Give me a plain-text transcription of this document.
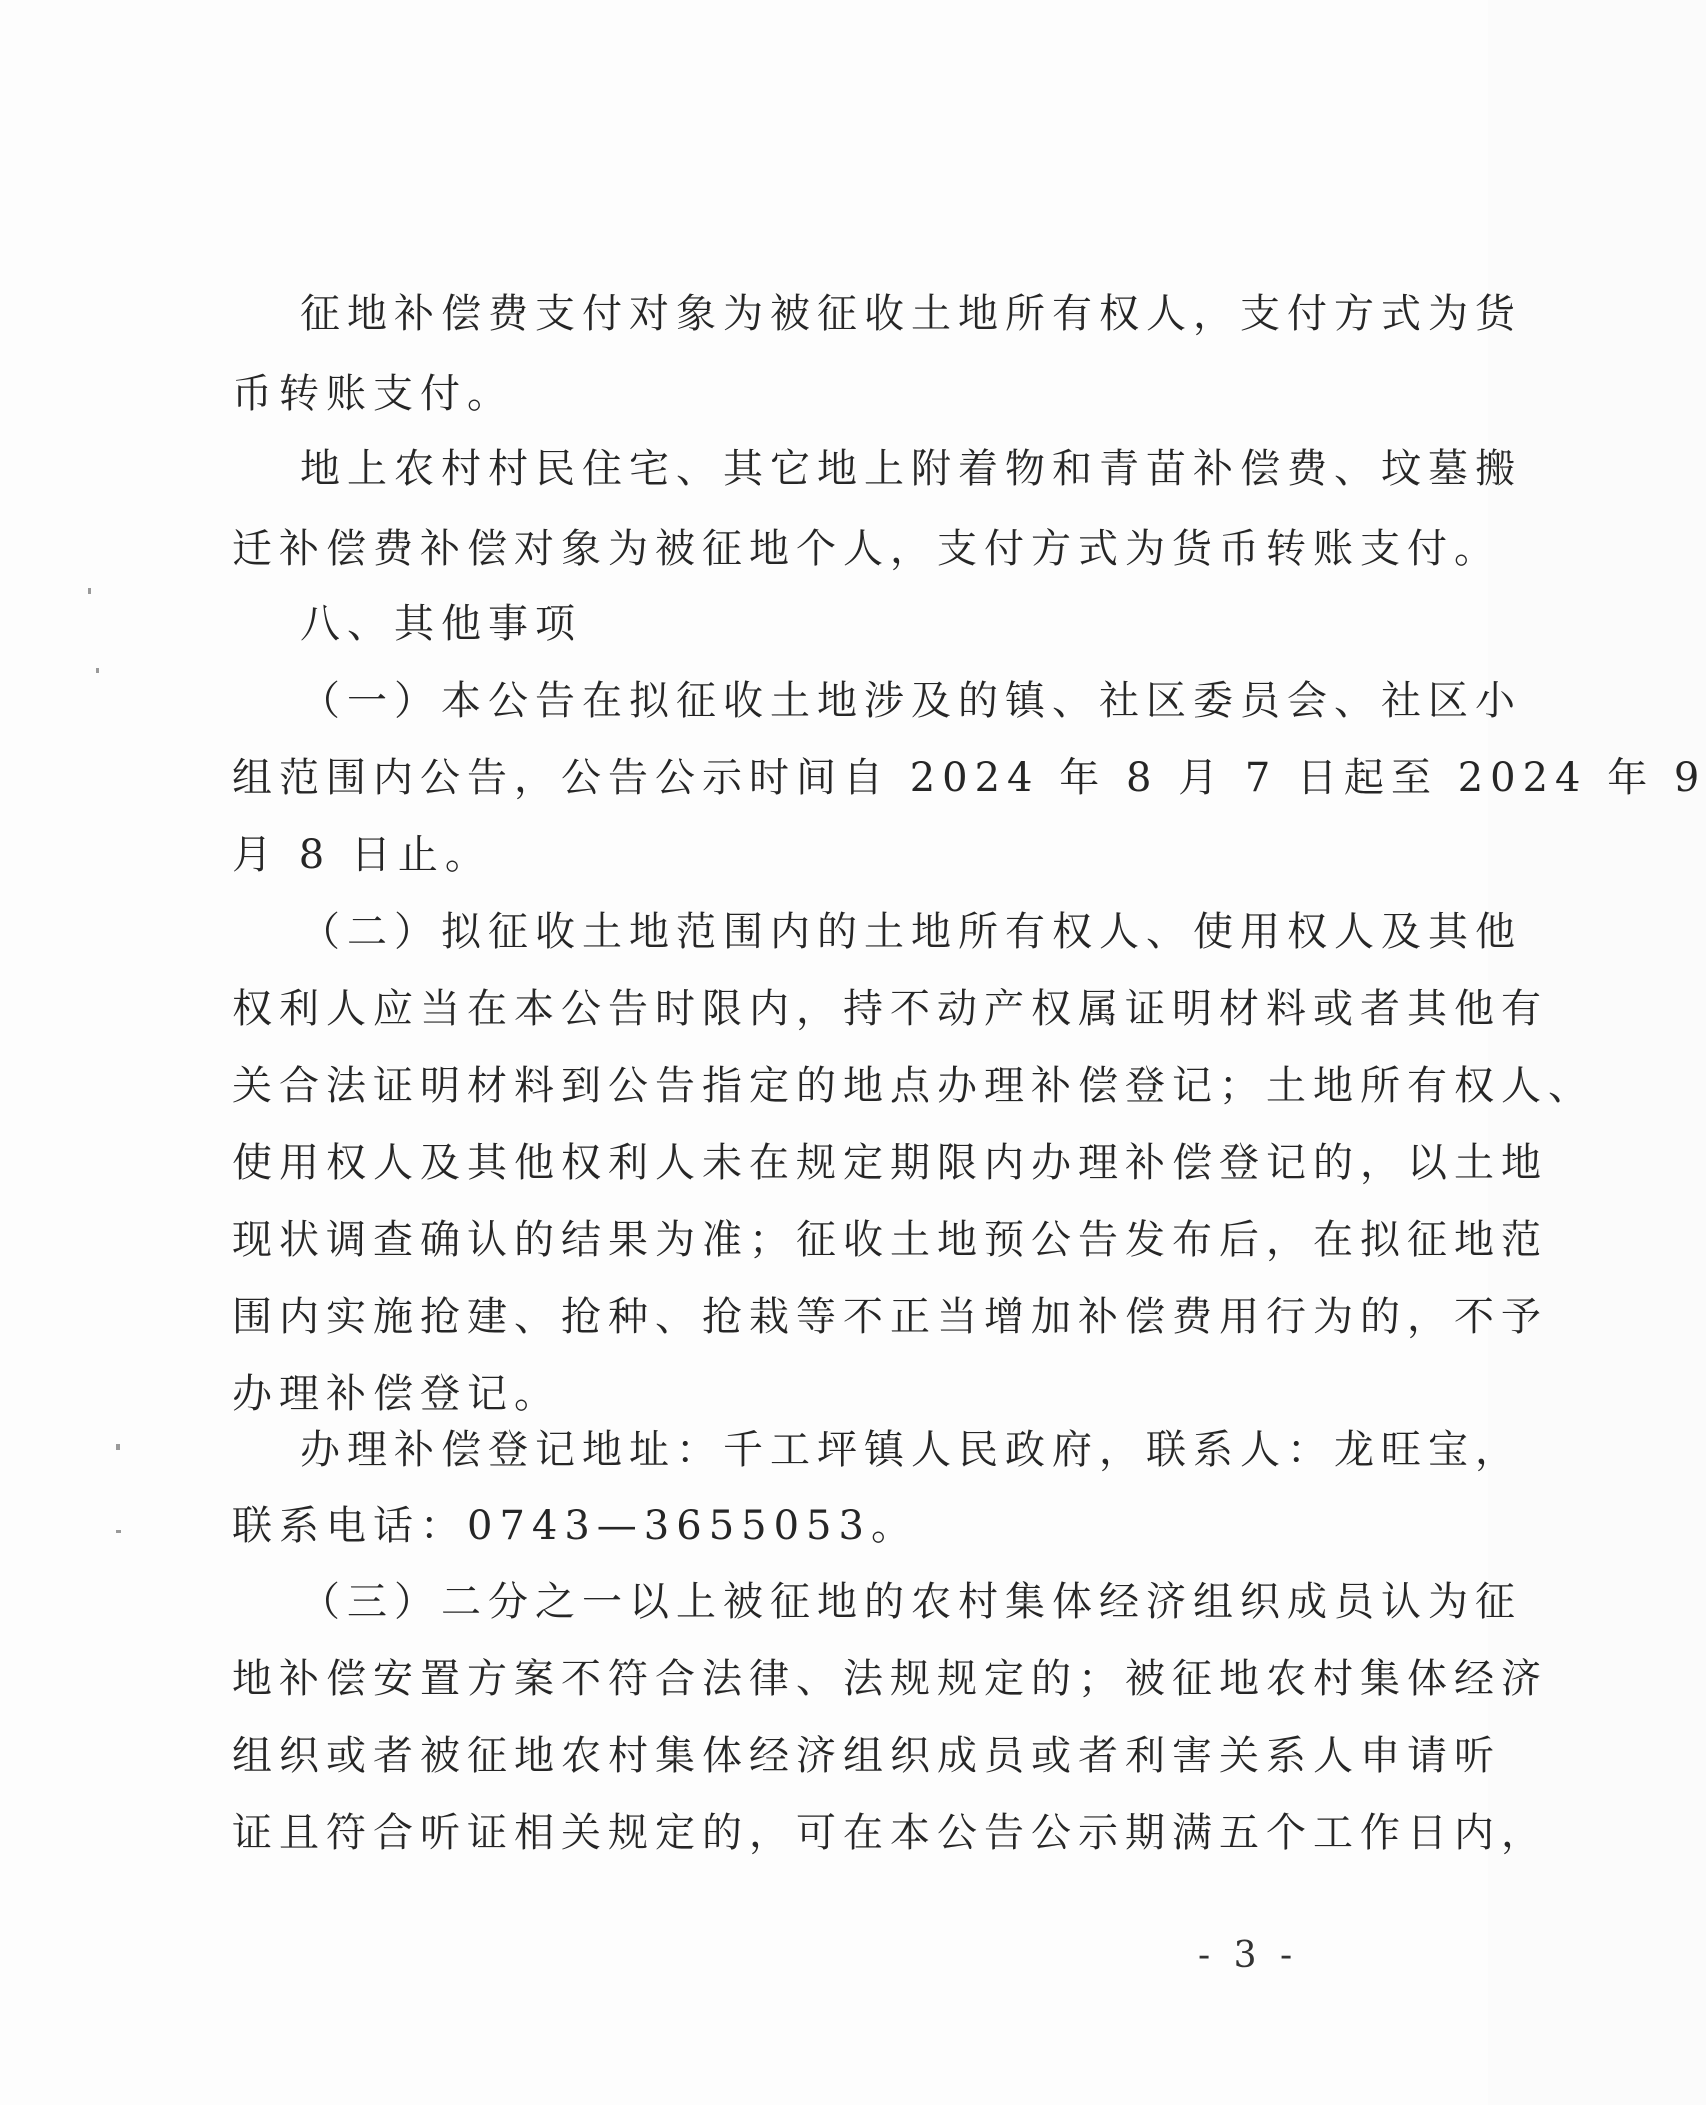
征地补偿费支付对象为被征收土地所有权人，支付方式为货
币转账支付。
地上农村村民住宅、其它地上附着物和青苗补偿费、坟墓搬
迁补偿费补偿对象为被征地个人，支付方式为货币转账支付。
八、其他事项
（一）本公告在拟征收土地涉及的镇、社区委员会、社区小
组范围内公告，公告公示时间自 2024 年 8 月 7 日起至 2024 年 9
月 8 日止。
（二）拟征收土地范围内的土地所有权人、使用权人及其他
权利人应当在本公告时限内，持不动产权属证明材料或者其他有
关合法证明材料到公告指定的地点办理补偿登记；土地所有权人、
使用权人及其他权利人未在规定期限内办理补偿登记的，以土地
现状调查确认的结果为准；征收土地预公告发布后，在拟征地范
围内实施抢建、抢种、抢栽等不正当增加补偿费用行为的，不予
办理补偿登记。
办理补偿登记地址：千工坪镇人民政府，联系人：龙旺宝，
联系电话：0743—3655053。
（三）二分之一以上被征地的农村集体经济组织成员认为征
地补偿安置方案不符合法律、法规规定的；被征地农村集体经济
组织或者被征地农村集体经济组织成员或者利害关系人申请听
证且符合听证相关规定的，可在本公告公示期满五个工作日内，
- 3 -
